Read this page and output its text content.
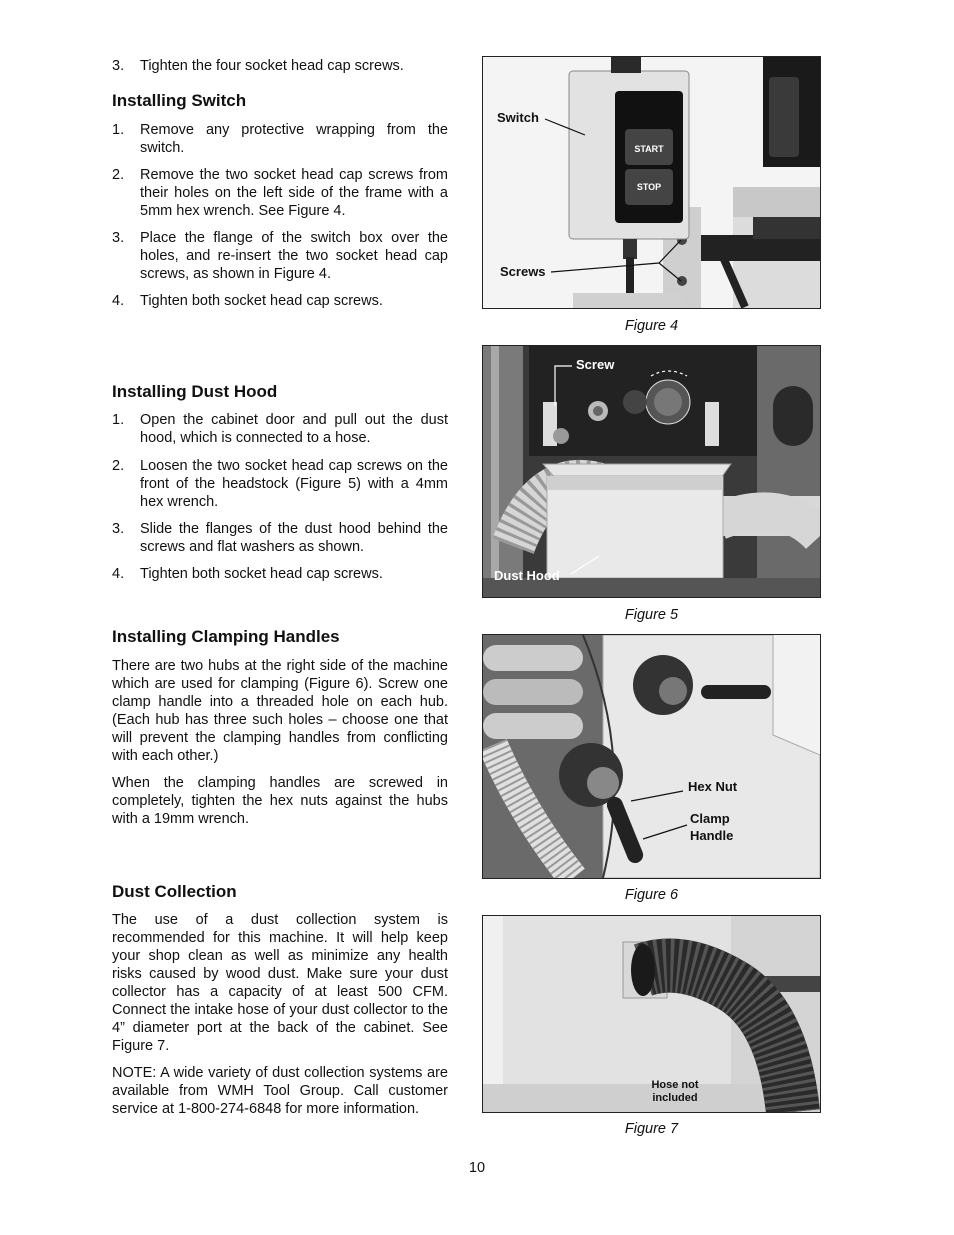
3. Tighten the four socket head cap screws.
Installing Switch
1. Remove any protective wrapping from the switch.
2. Remove the two socket head cap screws from their holes on the left side of the frame with a 5mm hex wrench. See Figure 4.
3. Place the flange of the switch box over the holes, and re-insert the two socket head cap screws, as shown in Figure 4.
4. Tighten both socket head cap screws.
Installing Dust Hood
1. Open the cabinet door and pull out the dust hood, which is connected to a hose.
2. Loosen the two socket head cap screws on the front of the headstock (Figure 5) with a 4mm hex wrench.
3. Slide the flanges of the dust hood behind the screws and flat washers as shown.
4. Tighten both socket head cap screws.
Installing Clamping Handles
There are two hubs at the right side of the machine which are used for clamping (Figure 6). Screw one clamp handle into a threaded hole on each hub. (Each hub has three such holes – choose one that will prevent the clamping handles from conflicting with each other.)
When the clamping handles are screwed in completely, tighten the hex nuts against the hubs with a 19mm wrench.
Dust Collection
The use of a dust collection system is recommended for this machine. It will help keep your shop clean as well as minimize any health risks caused by wood dust. Make sure your dust collector has a capacity of at least 500 CFM. Connect the intake hose of your dust collector to the 4” diameter port at the back of the cabinet. See Figure 7.
NOTE: A wide variety of dust collection systems are available from WMH Tool Group. Call customer service at 1-800-274-6848 for more information.
START
STOP
Switch
Screws
Figure 4
Screw
Dust Hood
Figure 5
Hex Nut
Clamp
Handle
Figure 6
Hose not
included
Figure 7
10
